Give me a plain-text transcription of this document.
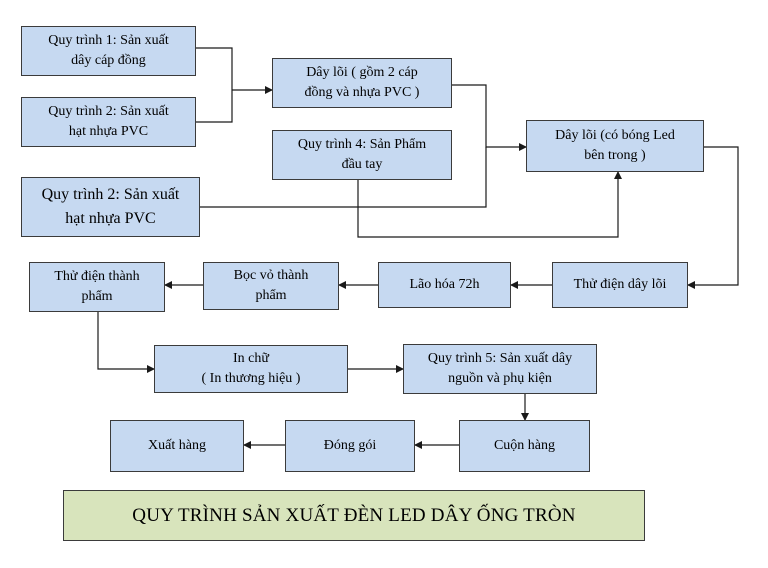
Quy trình 1: Sản xuất
dây cáp đồng
Quy trình 2: Sản xuất
hạt nhựa PVC
Dây lõi ( gồm 2 cáp
đồng và nhựa PVC )
Quy trình 4: Sản Phẩm
đầu tay
Dây lõi (có bóng Led
bên trong )
Quy trình 2: Sản xuất
hạt nhựa PVC
Thử điện dây lõi
Lão hóa 72h
Bọc vỏ thành
phẩm
Thử điện thành
phẩm
In chữ
( In thương hiệu )
Quy trình 5: Sản xuất dây
nguồn và phụ kiện
Cuộn hàng
Đóng gói
Xuất hàng
QUY TRÌNH SẢN XUẤT ĐÈN LED DÂY ỐNG TRÒN
